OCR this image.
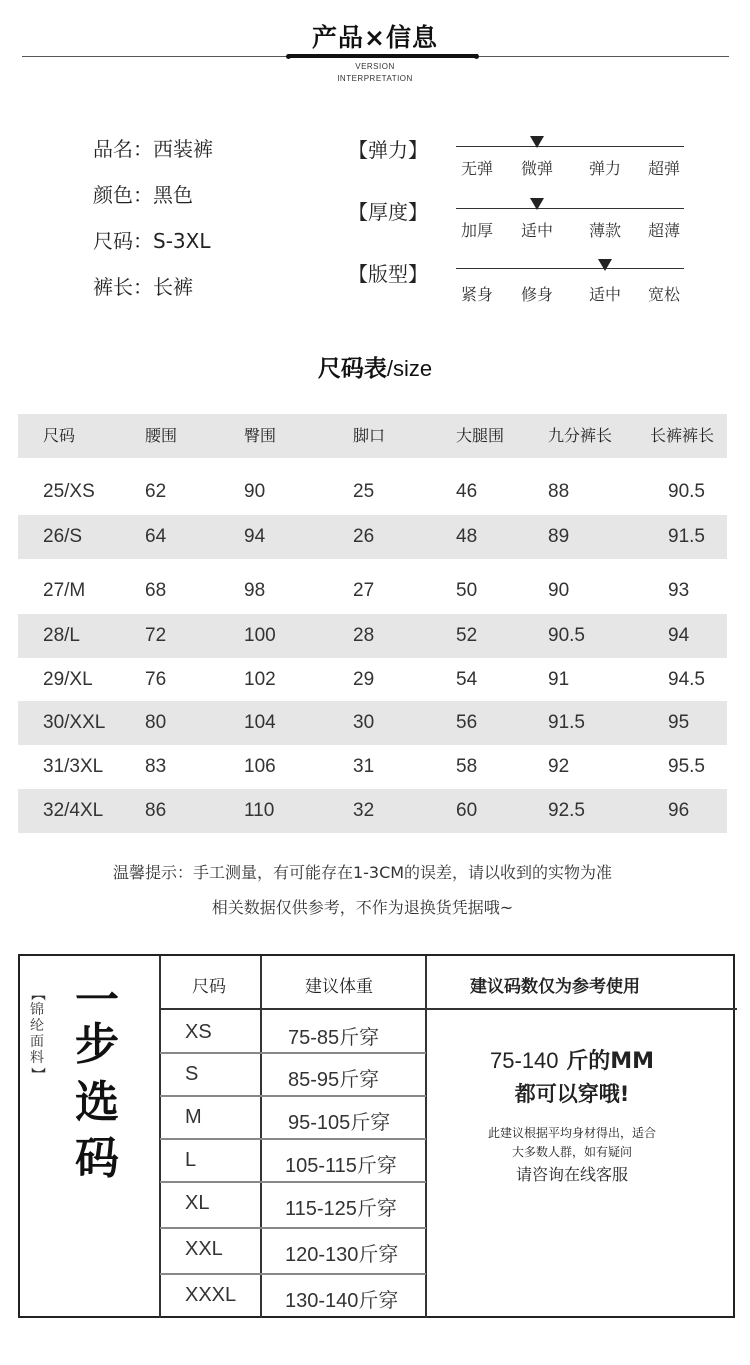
产品×信息
VERSION
INTERPRETATION
品名：西装裤
颜色：黑色
尺码：S-3XL
裤长：长裤
【弹力】
无弹 微弹 弹力 超弹
【厚度】
加厚 适中 薄款 超薄
【版型】
紧身 修身 适中 宽松
尺码表/size
尺码	腰围	臀围	脚口	大腿围	九分裤长 长裤裤长
25/XS	62	90	25	46	88	90.5
26/S	64	94	26	48	89	91.5
27/M	68	98	27	50	90	93
28/L	72	100	28	52	90.5	94
29/XL	76	102	29	54	91	94.5
30/XXL 80	104	30	56	91.5	95
31/3XL 83	106	31	58	92	95.5
32/4XL 86	110	32	60	92.5	96
温馨提示：手工测量，有可能存在1-3CM的误差，请以收到的实物为准
相关数据仅供参考，不作为退换货凭据哦~
【
锦
纶
面
料
】
一
步
选
码
尺码	建议体重	建议码数仅为参考使用
XS	75-85斤穿
S	85-95斤穿
M	95-105斤穿
L	105-115斤穿
XL	115-125斤穿
XXL	120-130斤穿
XXXL 130-140斤穿
75-140 斤的MM
都可以穿哦!
此建议根据平均身材得出，适合
大多数人群，如有疑问
请咨询在线客服
